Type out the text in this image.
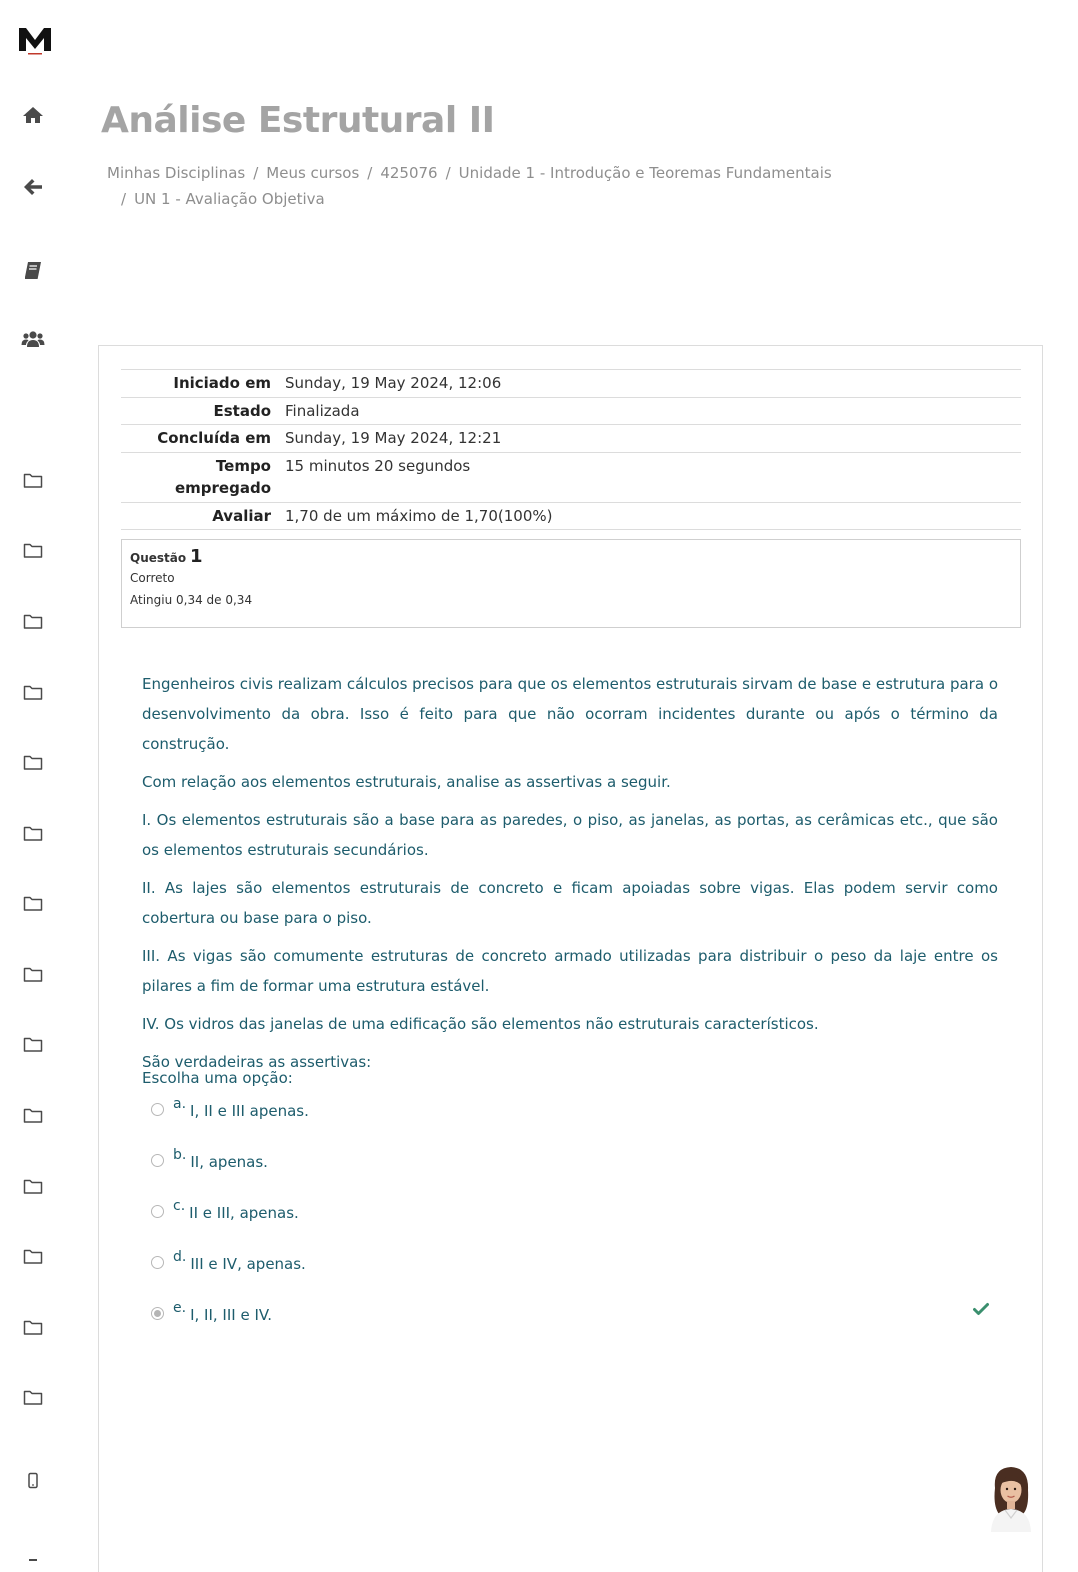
Análise Estrutural II
Minhas Disciplinas / Meus cursos / 425076 / Unidade 1 - Introdução e Teoremas Fundamentais
/ UN 1 - Avaliação Objetiva
Iniciado em	Sunday, 19 May 2024, 12:06
Estado	Finalizada
Concluída em	Sunday, 19 May 2024, 12:21
Tempo empregado	15 minutos 20 segundos
Avaliar	1,70 de um máximo de 1,70(100%)
Questão 1
Correto
Atingiu 0,34 de 0,34

Engenheiros civis realizam cálculos precisos para que os elementos estruturais sirvam de base e estrutura para o desenvolvimento da obra. Isso é feito para que não ocorram incidentes durante ou após o término da construção.

Com relação aos elementos estruturais, analise as assertivas a seguir.

I. Os elementos estruturais são a base para as paredes, o piso, as janelas, as portas, as cerâmicas etc., que são os elementos estruturais secundários.

II. As lajes são elementos estruturais de concreto e ficam apoiadas sobre vigas. Elas podem servir como cobertura ou base para o piso.

III. As vigas são comumente estruturas de concreto armado utilizadas para distribuir o peso da laje entre os pilares a fim de formar uma estrutura estável.

IV. Os vidros das janelas de uma edificação são elementos não estruturais característicos.

São verdadeiras as assertivas:

Escolha uma opção:
a. I, II e III apenas.
b. II, apenas.
c. II e III, apenas.
d. III e IV, apenas.
e. I, II, III e IV.
